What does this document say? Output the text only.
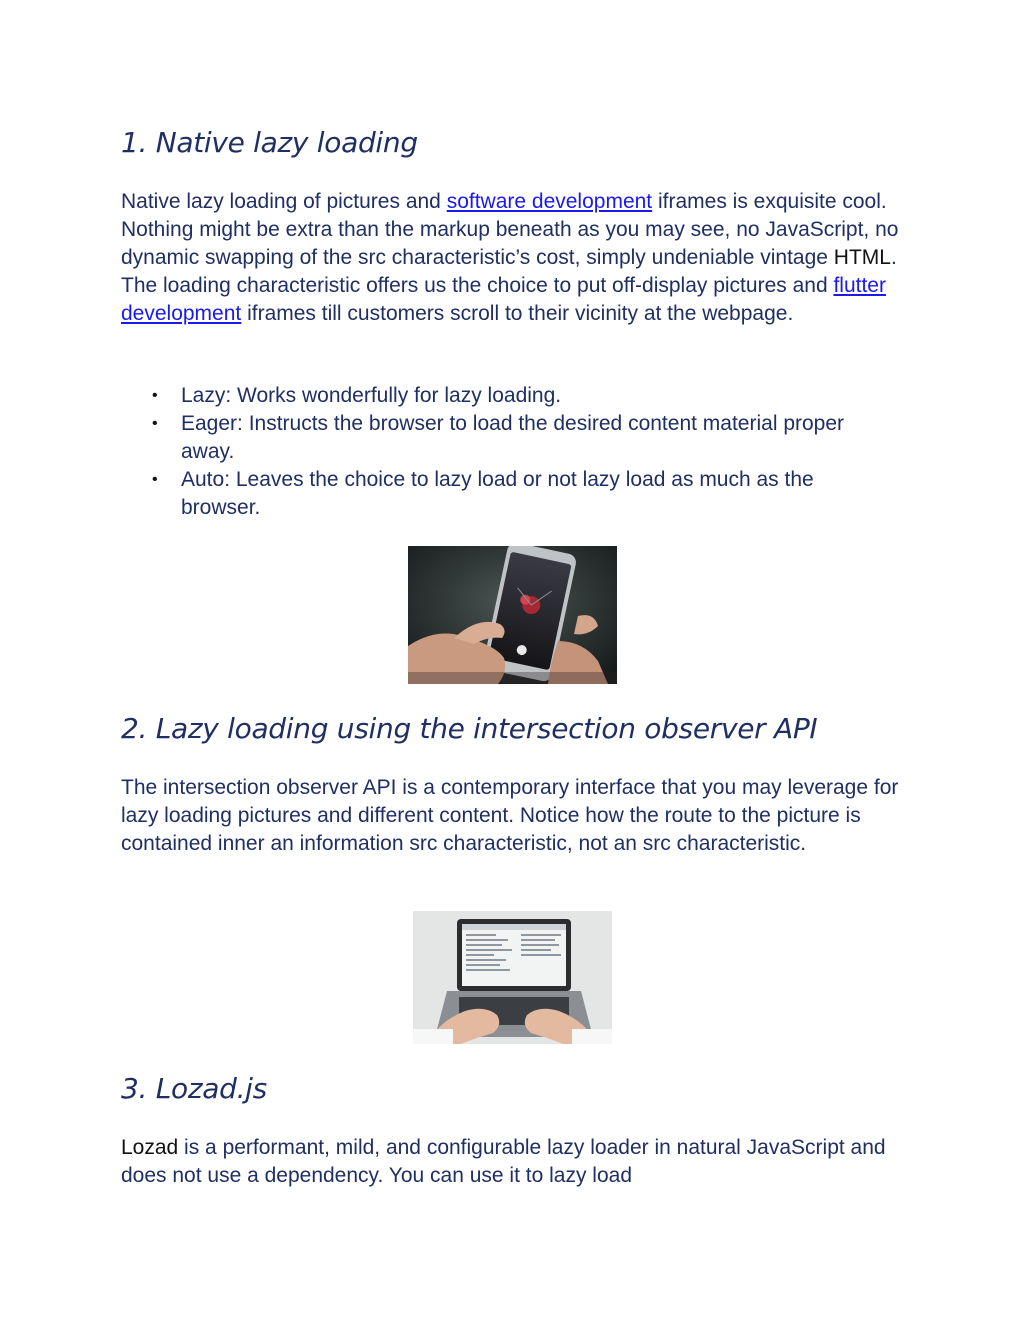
1. Native lazy loading

Native lazy loading of pictures and software development iframes is exquisite cool. Nothing might be extra than the markup beneath as you may see, no JavaScript, no dynamic swapping of the src characteristic’s cost, simply undeniable vintage HTML. The loading characteristic offers us the choice to put off-display pictures and flutter development iframes till customers scroll to their vicinity at the webpage.

• Lazy: Works wonderfully for lazy loading.
• Eager: Instructs the browser to load the desired content material proper away.
• Auto: Leaves the choice to lazy load or not lazy load as much as the browser.
2. Lazy loading using the intersection observer API

The intersection observer API is a contemporary interface that you may leverage for lazy loading pictures and different content. Notice how the route to the picture is contained inner an information src characteristic, not an src characteristic.

3. Lozad.js

Lozad is a performant, mild, and configurable lazy loader in natural JavaScript and does not use a dependency. You can use it to lazy load
